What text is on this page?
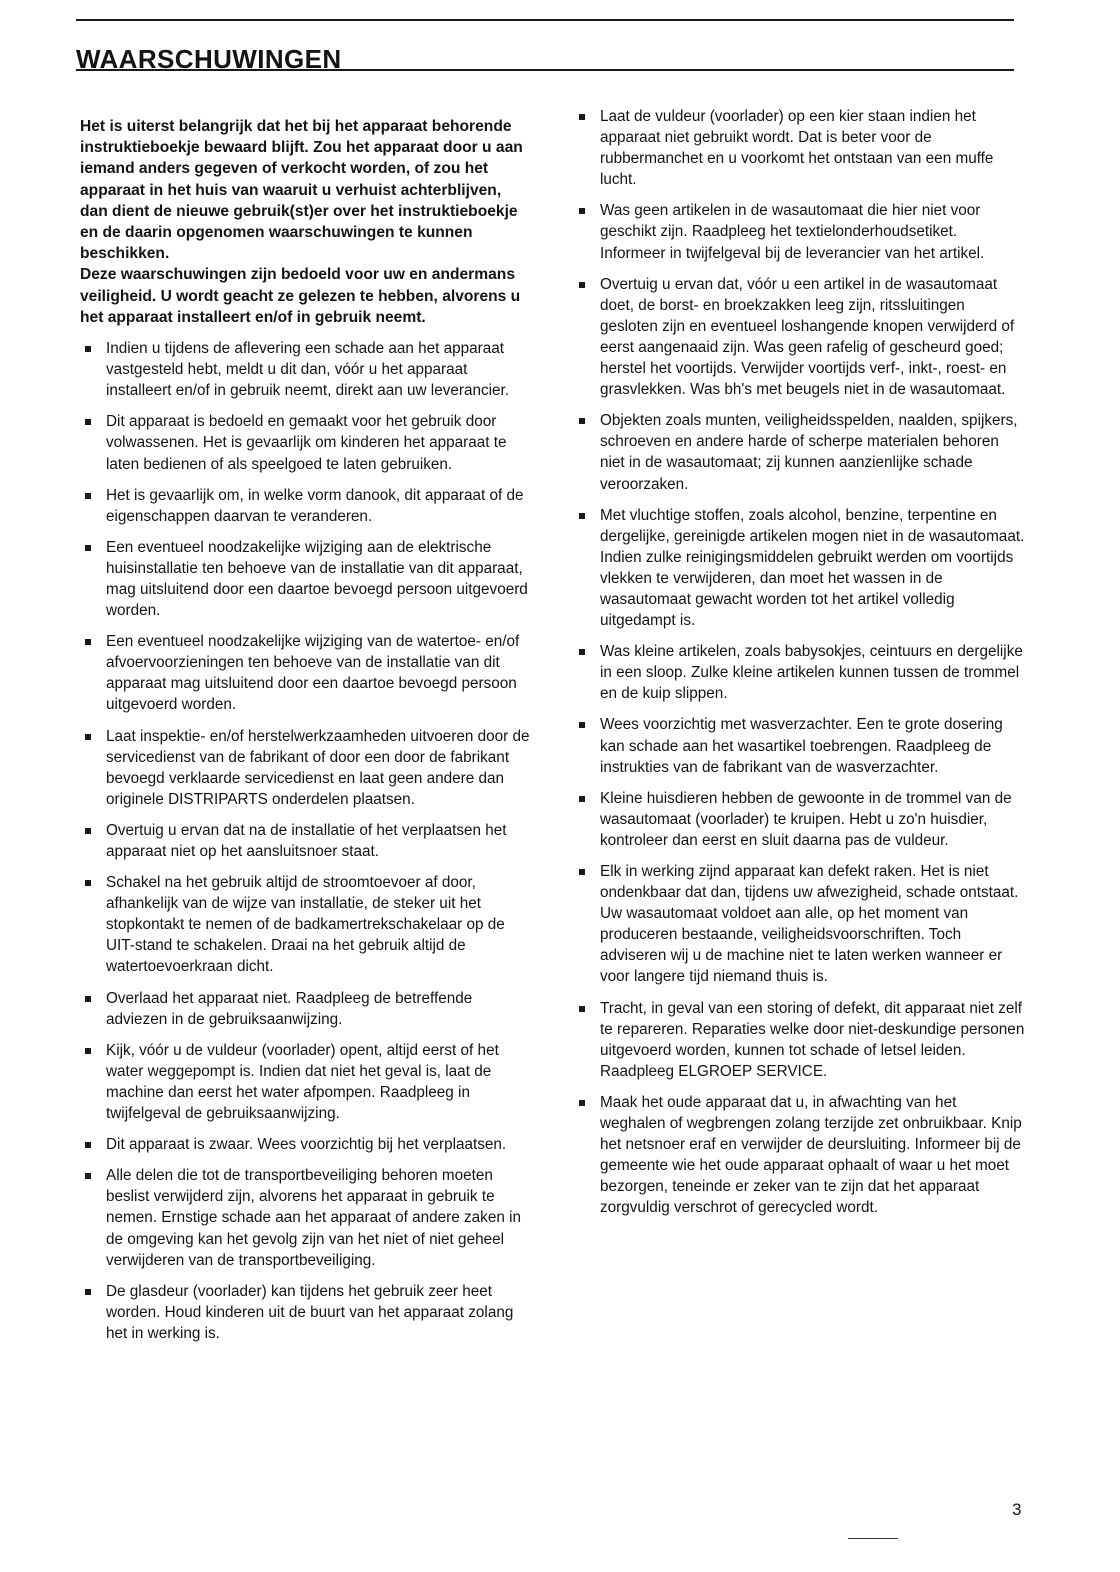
WAARSCHUWINGEN

Het is uiterst belangrijk dat het bij het apparaat behorende instruktieboekje bewaard blijft. Zou het apparaat door u aan iemand anders gegeven of verkocht worden, of zou het apparaat in het huis van waaruit u verhuist achterblijven, dan dient de nieuwe gebruik(st)er over het instruktieboekje en de daarin opgenomen waarschuwingen te kunnen beschikken.

Deze waarschuwingen zijn bedoeld voor uw en andermans veiligheid. U wordt geacht ze gelezen te hebben, alvorens u het apparaat installeert en/of in gebruik neemt.

Indien u tijdens de aflevering een schade aan het apparaat vastgesteld hebt, meldt u dit dan, vóór u het apparaat installeert en/of in gebruik neemt, direkt aan uw leverancier.
Dit apparaat is bedoeld en gemaakt voor het gebruik door volwassenen. Het is gevaarlijk om kinderen het apparaat te laten bedienen of als speelgoed te laten gebruiken.
Het is gevaarlijk om, in welke vorm danook, dit apparaat of de eigenschappen daarvan te veranderen.
Een eventueel noodzakelijke wijziging aan de elektrische huisinstallatie ten behoeve van de installatie van dit apparaat, mag uitsluitend door een daartoe bevoegd persoon uitgevoerd worden.
Een eventueel noodzakelijke wijziging van de watertoe- en/of afvoervoorzieningen ten behoeve van de installatie van dit apparaat mag uitsluitend door een daartoe bevoegd persoon uitgevoerd worden.
Laat inspektie- en/of herstelwerkzaamheden uitvoeren door de servicedienst van de fabrikant of door een door de fabrikant bevoegd verklaarde servicedienst en laat geen andere dan originele DISTRIPARTS onderdelen plaatsen.
Overtuig u ervan dat na de installatie of het verplaatsen het apparaat niet op het aansluitsnoer staat.
Schakel na het gebruik altijd de stroomtoevoer af door, afhankelijk van de wijze van installatie, de steker uit het stopkontakt te nemen of de badkamertrekschakelaar op de UIT-stand te schakelen. Draai na het gebruik altijd de watertoevoerkraan dicht.
Overlaad het apparaat niet. Raadpleeg de betreffende adviezen in de gebruiksaanwijzing.
Kijk, vóór u de vuldeur (voorlader) opent, altijd eerst of het water weggepompt is. Indien dat niet het geval is, laat de machine dan eerst het water afpompen. Raadpleeg in twijfelgeval de gebruiksaanwijzing.
Dit apparaat is zwaar. Wees voorzichtig bij het verplaatsen.
Alle delen die tot de transportbeveiliging behoren moeten beslist verwijderd zijn, alvorens het apparaat in gebruik te nemen. Ernstige schade aan het apparaat of andere zaken in de omgeving kan het gevolg zijn van het niet of niet geheel verwijderen van de transportbeveiliging.
De glasdeur (voorlader) kan tijdens het gebruik zeer heet worden. Houd kinderen uit de buurt van het apparaat zolang het in werking is.
Laat de vuldeur (voorlader) op een kier staan indien het apparaat niet gebruikt wordt. Dat is beter voor de rubbermanchet en u voorkomt het ontstaan van een muffe lucht.
Was geen artikelen in de wasautomaat die hier niet voor geschikt zijn. Raadpleeg het textielonderhoudsetiket. Informeer in twijfelgeval bij de leverancier van het artikel.
Overtuig u ervan dat, vóór u een artikel in de wasautomaat doet, de borst- en broekzakken leeg zijn, ritssluitingen gesloten zijn en eventueel loshangende knopen verwijderd of eerst aangenaaid zijn. Was geen rafelig of gescheurd goed; herstel het voortijds. Verwijder voortijds verf-, inkt-, roest- en grasvlekken. Was bh's met beugels niet in de wasautomaat.
Objekten zoals munten, veiligheidsspelden, naalden, spijkers, schroeven en andere harde of scherpe materialen behoren niet in de wasautomaat; zij kunnen aanzienlijke schade veroorzaken.
Met vluchtige stoffen, zoals alcohol, benzine, terpentine en dergelijke, gereinigde artikelen mogen niet in de wasautomaat. Indien zulke reinigingsmiddelen gebruikt werden om voortijds vlekken te verwijderen, dan moet het wassen in de wasautomaat gewacht worden tot het artikel volledig uitgedampt is.
Was kleine artikelen, zoals babysokjes, ceintuurs en dergelijke in een sloop. Zulke kleine artikelen kunnen tussen de trommel en de kuip slippen.
Wees voorzichtig met wasverzachter. Een te grote dosering kan schade aan het wasartikel toebrengen. Raadpleeg de instrukties van de fabrikant van de wasverzachter.
Kleine huisdieren hebben de gewoonte in de trommel van de wasautomaat (voorlader) te kruipen. Hebt u zo'n huisdier, kontroleer dan eerst en sluit daarna pas de vuldeur.
Elk in werking zijnd apparaat kan defekt raken. Het is niet ondenkbaar dat dan, tijdens uw afwezigheid, schade ontstaat. Uw wasautomaat voldoet aan alle, op het moment van produceren bestaande, veiligheidsvoorschriften. Toch adviseren wij u de machine niet te laten werken wanneer er voor langere tijd niemand thuis is.
Tracht, in geval van een storing of defekt, dit apparaat niet zelf te repareren. Reparaties welke door niet-deskundige personen uitgevoerd worden, kunnen tot schade of letsel leiden. Raadpleeg ELGROEP SERVICE.
Maak het oude apparaat dat u, in afwachting van het weghalen of wegbrengen zolang terzijde zet onbruikbaar. Knip het netsnoer eraf en verwijder de deursluiting. Informeer bij de gemeente wie het oude apparaat ophaalt of waar u het moet bezorgen, teneinde er zeker van te zijn dat het apparaat zorgvuldig verschrot of gerecycled wordt.
3
